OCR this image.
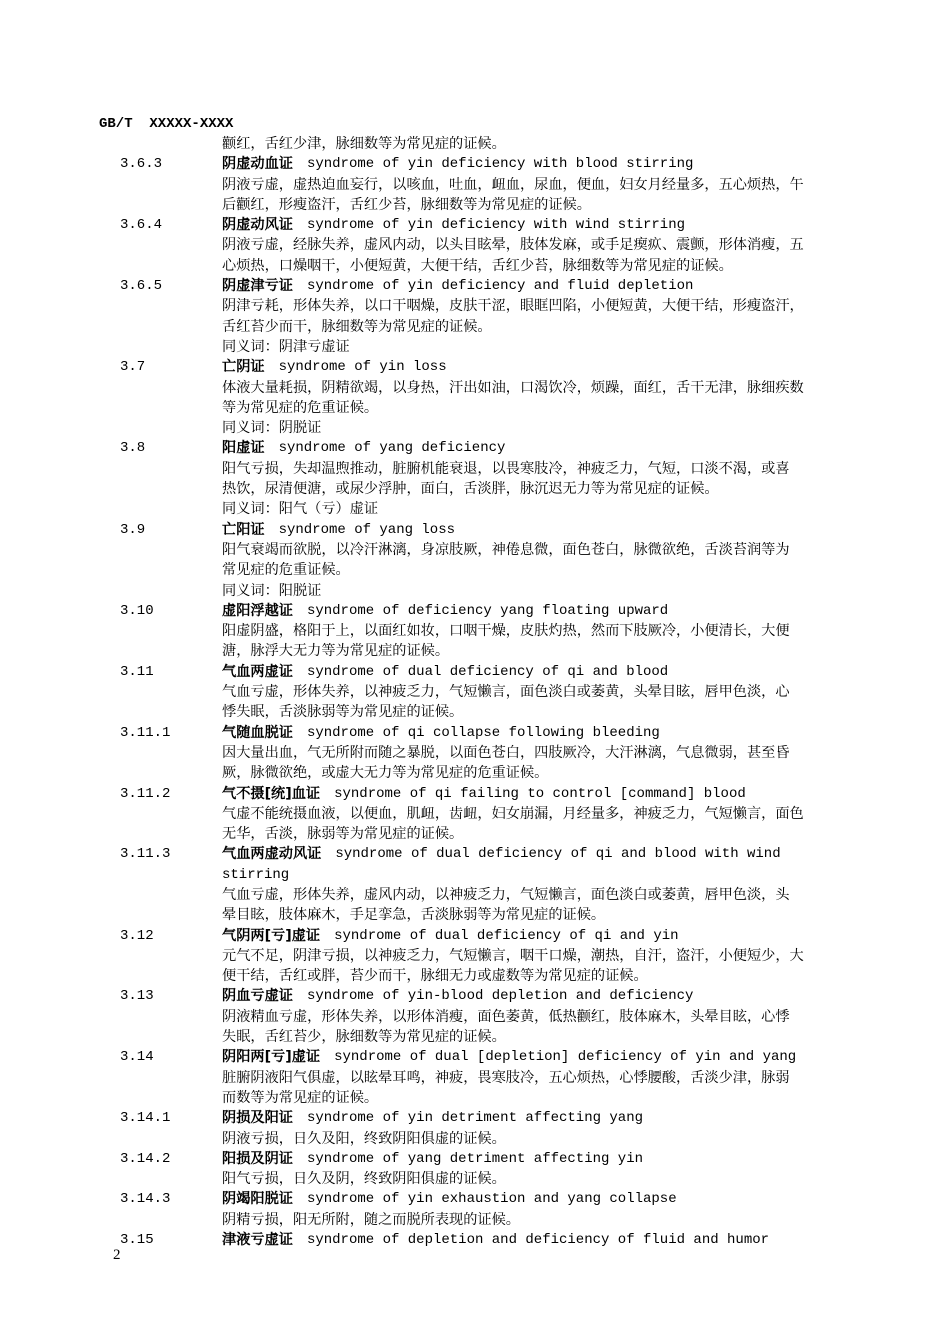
GB/T  XXXXX-XXXX
颧红，舌红少津，脉细数等为常见症的证候。
3.6.3	阴虚动血证 syndrome of yin deficiency with blood stirring
阴液亏虚，虚热迫血妄行，以咳血，吐血，衄血，尿血，便血，妇女月经量多，五心烦热，午
后颧红，形瘦盗汗，舌红少苔，脉细数等为常见症的证候。
3.6.4	阴虚动风证 syndrome of yin deficiency with wind stirring
阴液亏虚，经脉失养，虚风内动，以头目眩晕，肢体发麻，或手足瘈疭、震颤，形体消瘦，五
心烦热，口燥咽干，小便短黄，大便干结，舌红少苔，脉细数等为常见症的证候。
3.6.5	阴虚津亏证 syndrome of yin deficiency and fluid depletion
阴津亏耗，形体失养，以口干咽燥，皮肤干涩，眼眶凹陷，小便短黄，大便干结，形瘦盗汗，
舌红苔少而干，脉细数等为常见症的证候。
同义词：阴津亏虚证
3.7	亡阴证 syndrome of yin loss
体液大量耗损，阴精欲竭，以身热，汗出如油，口渴饮冷，烦躁，面红，舌干无津，脉细疾数
等为常见症的危重证候。
同义词：阴脱证
3.8	阳虚证 syndrome of yang deficiency
阳气亏损，失却温煦推动，脏腑机能衰退，以畏寒肢冷，神疲乏力，气短，口淡不渴，或喜
热饮，尿清便溏，或尿少浮肿，面白，舌淡胖，脉沉迟无力等为常见症的证候。
同义词：阳气（亏）虚证
3.9	亡阳证 syndrome of yang loss
阳气衰竭而欲脱，以冷汗淋漓，身凉肢厥，神倦息微，面色苍白，脉微欲绝，舌淡苔润等为
常见症的危重证候。
同义词：阳脱证
3.10	虚阳浮越证 syndrome of deficiency yang floating upward
阳虚阴盛，格阳于上，以面红如妆，口咽干燥，皮肤灼热，然而下肢厥冷，小便清长，大便
溏，脉浮大无力等为常见症的证候。
3.11	气血两虚证 syndrome of dual deficiency of qi and blood
气血亏虚，形体失养，以神疲乏力，气短懒言，面色淡白或萎黄，头晕目眩，唇甲色淡，心
悸失眠，舌淡脉弱等为常见症的证候。
3.11.1	气随血脱证 syndrome of qi collapse following bleeding
因大量出血，气无所附而随之暴脱，以面色苍白，四肢厥冷，大汗淋漓，气息微弱，甚至昏
厥，脉微欲绝，或虚大无力等为常见症的危重证候。
3.11.2	气不摄[统]血证 syndrome of qi failing to control [command] blood
气虚不能统摄血液，以便血，肌衄，齿衄，妇女崩漏，月经量多，神疲乏力，气短懒言，面色
无华，舌淡，脉弱等为常见症的证候。
3.11.3	气血两虚动风证 syndrome of dual deficiency of qi and blood with wind
stirring
气血亏虚，形体失养，虚风内动，以神疲乏力，气短懒言，面色淡白或萎黄，唇甲色淡，头
晕目眩，肢体麻木，手足挛急，舌淡脉弱等为常见症的证候。
3.12	气阴两[亏]虚证 syndrome of dual deficiency of qi and yin
元气不足，阴津亏损，以神疲乏力，气短懒言，咽干口燥，潮热，自汗，盗汗，小便短少，大
便干结，舌红或胖，苔少而干，脉细无力或虚数等为常见症的证候。
3.13	阴血亏虚证 syndrome of yin-blood depletion and deficiency
阴液精血亏虚，形体失养，以形体消瘦，面色萎黄，低热颧红，肢体麻木，头晕目眩，心悸
失眠，舌红苔少，脉细数等为常见症的证候。
3.14	阴阳两[亏]虚证 syndrome of dual [depletion] deficiency of yin and yang
脏腑阴液阳气俱虚，以眩晕耳鸣，神疲，畏寒肢冷，五心烦热，心悸腰酸，舌淡少津，脉弱
而数等为常见症的证候。
3.14.1	阴损及阳证 syndrome of yin detriment affecting yang
阴液亏损，日久及阳，终致阴阳俱虚的证候。
3.14.2	阳损及阴证 syndrome of yang detriment affecting yin
阳气亏损，日久及阴，终致阴阳俱虚的证候。
3.14.3	阴竭阳脱证 syndrome of yin exhaustion and yang collapse
阴精亏损，阳无所附，随之而脱所表现的证候。
3.15	津液亏虚证 syndrome of depletion and deficiency of fluid and humor
2
